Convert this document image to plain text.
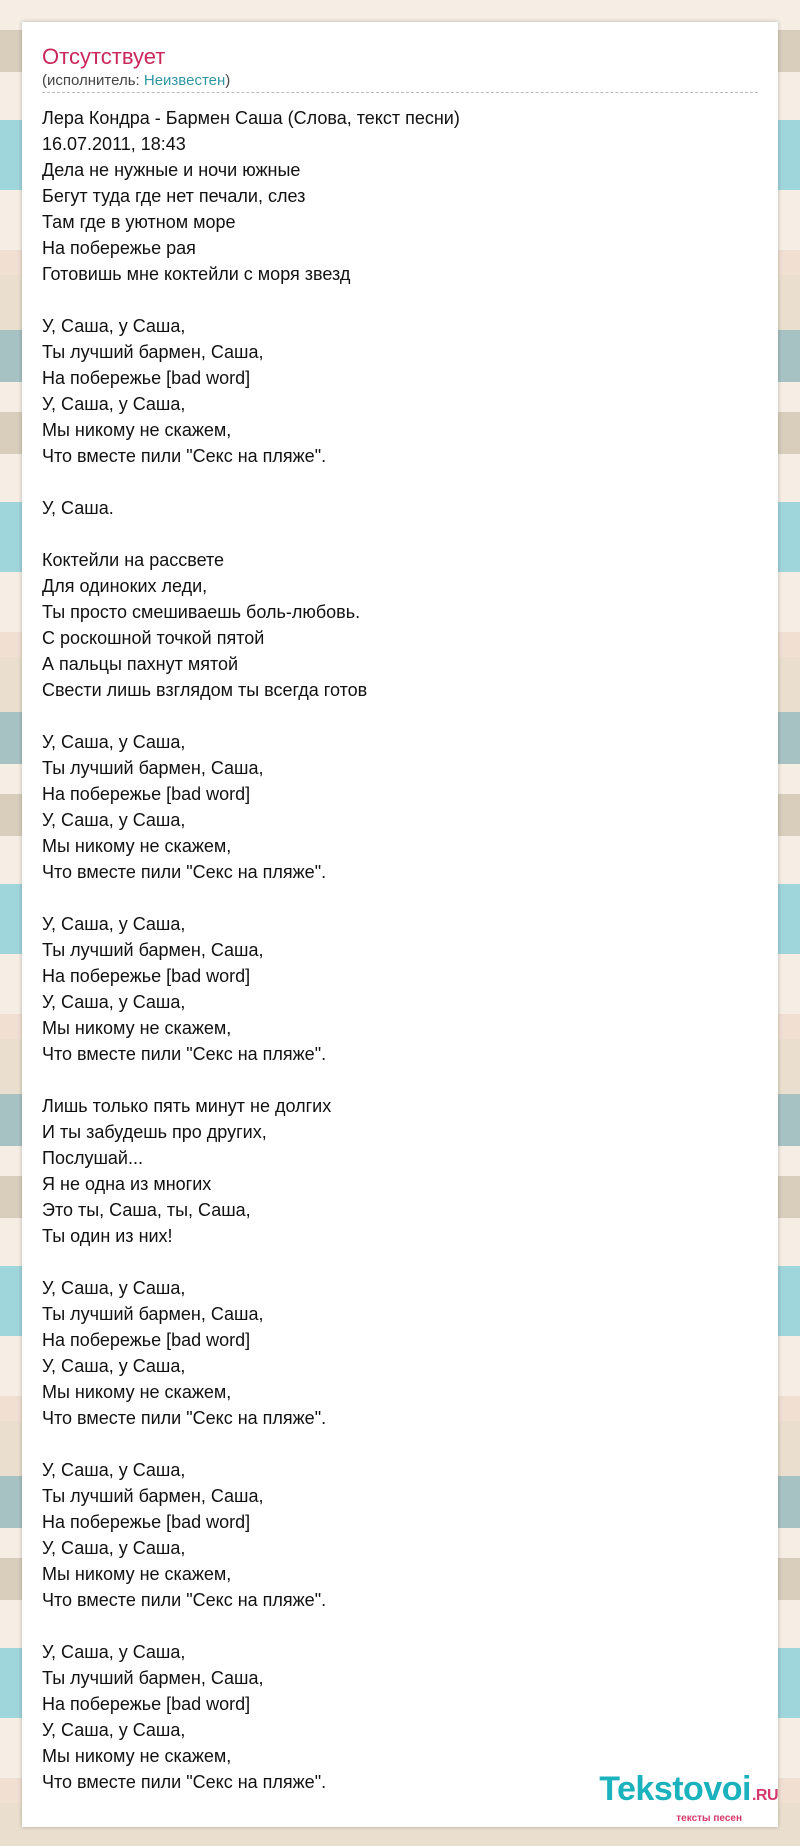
Отсутствует
(исполнитель: Неизвестен)
Лера Кондра - Бармен Саша (Слова, текст песни)
16.07.2011, 18:43
Дела не нужные и ночи южные
Бегут туда где нет печали, слез
Там где в уютном море
На побережье рая
Готовишь мне коктейли с моря звезд
У, Саша, у Саша,
Ты лучший бармен, Саша,
На побережье [bad word]
У, Саша, у Саша,
Мы никому не скажем,
Что вместе пили "Секс на пляже".
У, Саша.
Коктейли на рассвете
Для одиноких леди,
Ты просто смешиваешь боль-любовь.
С роскошной точкой пятой
А пальцы пахнут мятой
Свести лишь взглядом ты всегда готов
У, Саша, у Саша,
Ты лучший бармен, Саша,
На побережье [bad word]
У, Саша, у Саша,
Мы никому не скажем,
Что вместе пили "Секс на пляже".
У, Саша, у Саша,
Ты лучший бармен, Саша,
На побережье [bad word]
У, Саша, у Саша,
Мы никому не скажем,
Что вместе пили "Секс на пляже".
Лишь только пять минут не долгих
И ты забудешь про других,
Послушай...
Я не одна из многих
Это ты, Саша, ты, Саша,
Ты один из них!
У, Саша, у Саша,
Ты лучший бармен, Саша,
На побережье [bad word]
У, Саша, у Саша,
Мы никому не скажем,
Что вместе пили "Секс на пляже".
У, Саша, у Саша,
Ты лучший бармен, Саша,
На побережье [bad word]
У, Саша, у Саша,
Мы никому не скажем,
Что вместе пили "Секс на пляже".
У, Саша, у Саша,
Ты лучший бармен, Саша,
На побережье [bad word]
У, Саша, у Саша,
Мы никому не скажем,
Что вместе пили "Секс на пляже".	Tekstovoi.RU
тексты песен
